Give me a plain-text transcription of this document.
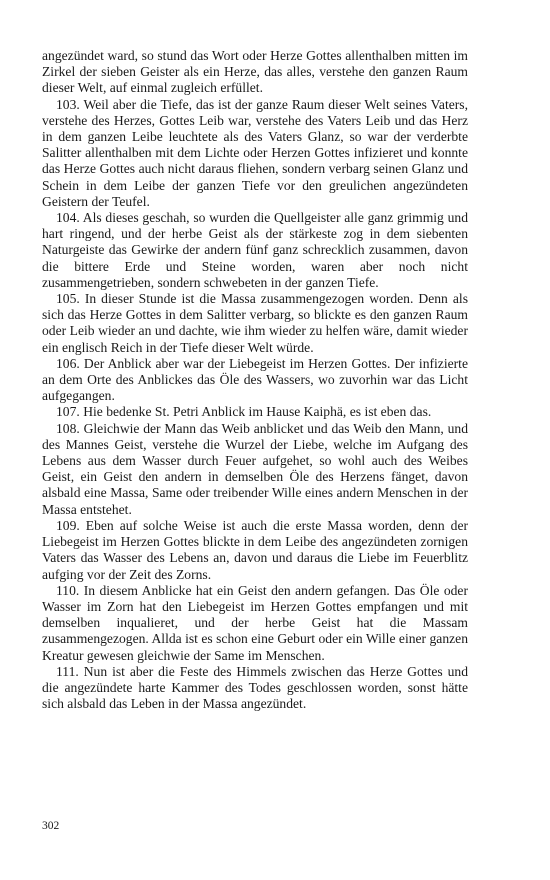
angezündet ward, so stund das Wort oder Herze Gottes allenthalben mitten im Zirkel der sieben Geister als ein Herze, das alles, verstehe den ganzen Raum dieser Welt, auf einmal zugleich erfüllet.

103. Weil aber die Tiefe, das ist der ganze Raum dieser Welt seines Vaters, verstehe des Herzes, Gottes Leib war, verstehe des Vaters Leib und das Herz in dem ganzen Leibe leuchtete als des Vaters Glanz, so war der verderbte Salitter allenthalben mit dem Lichte oder Herzen Gottes infizieret und konnte das Herze Gottes auch nicht daraus fliehen, sondern verbarg seinen Glanz und Schein in dem Leibe der ganzen Tiefe vor den greulichen angezündeten Geistern der Teufel.

104. Als dieses geschah, so wurden die Quellgeister alle ganz grimmig und hart ringend, und der herbe Geist als der stärkeste zog in dem siebenten Naturgeiste das Gewirke der andern fünf ganz schrecklich zusammen, davon die bittere Erde und Steine worden, waren aber noch nicht zusammengetrieben, sondern schwebeten in der ganzen Tiefe.

105. In dieser Stunde ist die Massa zusammengezogen worden. Denn als sich das Herze Gottes in dem Salitter verbarg, so blickte es den ganzen Raum oder Leib wieder an und dachte, wie ihm wieder zu helfen wäre, damit wieder ein englisch Reich in der Tiefe dieser Welt würde.

106. Der Anblick aber war der Liebegeist im Herzen Gottes. Der infizierte an dem Orte des Anblickes das Öle des Wassers, wo zuvorhin war das Licht aufgegangen.

107. Hie bedenke St. Petri Anblick im Hause Kaiphä, es ist eben das.

108. Gleichwie der Mann das Weib anblicket und das Weib den Mann, und des Mannes Geist, verstehe die Wurzel der Liebe, welche im Aufgang des Lebens aus dem Wasser durch Feuer aufgehet, so wohl auch des Weibes Geist, ein Geist den andern in demselben Öle des Herzens fänget, davon alsbald eine Massa, Same oder treibender Wille eines andern Menschen in der Massa entstehet.

109. Eben auf solche Weise ist auch die erste Massa worden, denn der Liebegeist im Herzen Gottes blickte in dem Leibe des angezündeten zornigen Vaters das Wasser des Lebens an, davon und daraus die Liebe im Feuerblitz aufging vor der Zeit des Zorns.

110. In diesem Anblicke hat ein Geist den andern gefangen. Das Öle oder Wasser im Zorn hat den Liebegeist im Herzen Gottes empfangen und mit demselben inqualieret, und der herbe Geist hat die Massam zusammengezogen. Allda ist es schon eine Geburt oder ein Wille einer ganzen Kreatur gewesen gleichwie der Same im Menschen.

111. Nun ist aber die Feste des Himmels zwischen das Herze Gottes und die angezündete harte Kammer des Todes geschlossen worden, sonst hätte sich alsbald das Leben in der Massa angezündet.

302
